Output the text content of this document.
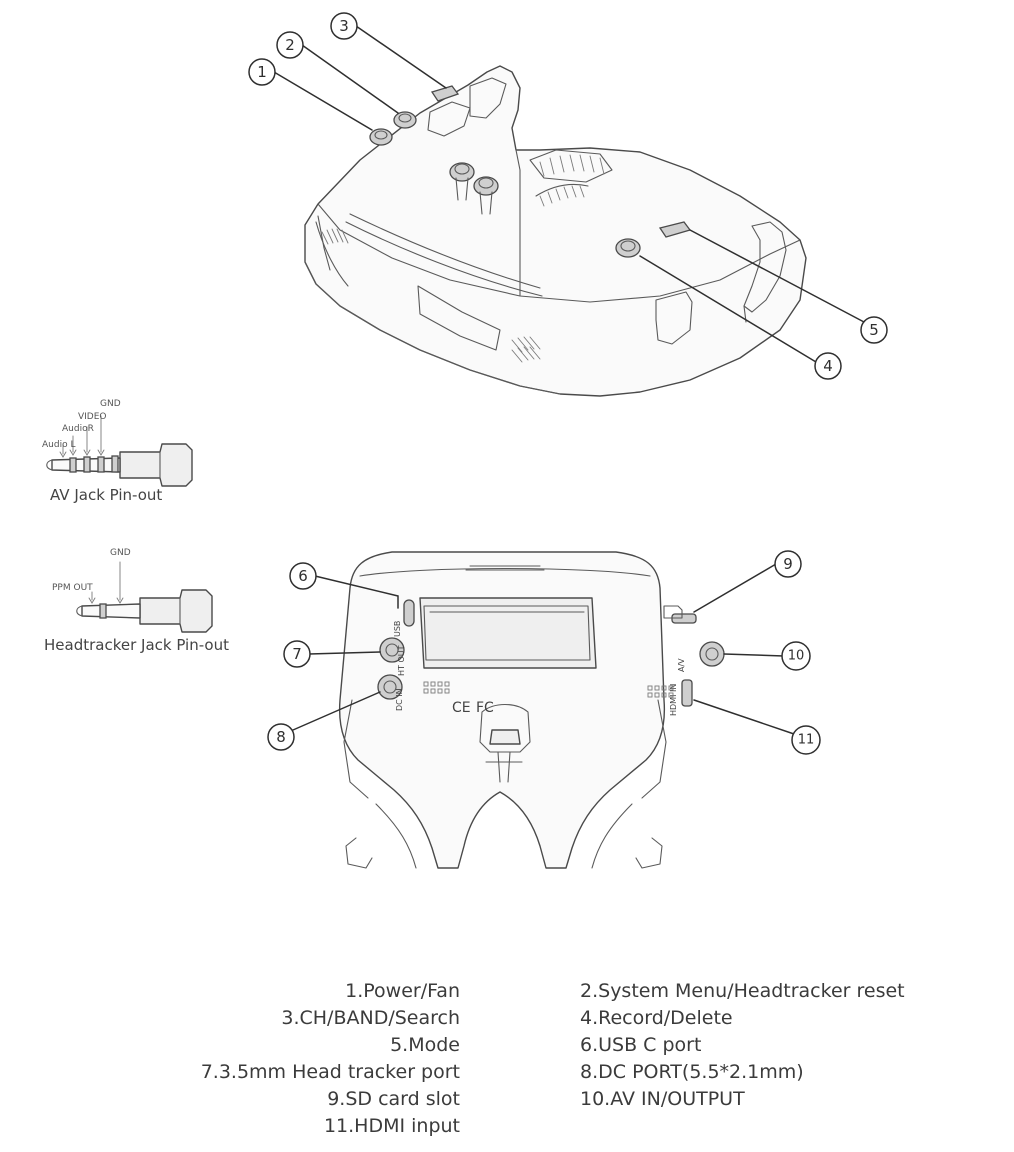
USB
HT OUT
DC IN	CE FC
A/V
HDMI IN
GND
VIDEO
AudioR
Audio L
AV Jack Pin-out
GND
PPM OUT
Headtracker Jack Pin-out
1
2
3
4
5
6
7
8
9
10
11
1.Power/Fan
3.CH/BAND/Search
5.Mode
7.3.5mm Head tracker port
9.SD card slot
11.HDMI input
2.System Menu/Headtracker reset
4.Record/Delete
6.USB C port
8.DC PORT(5.5*2.1mm)
10.AV IN/OUTPUT
